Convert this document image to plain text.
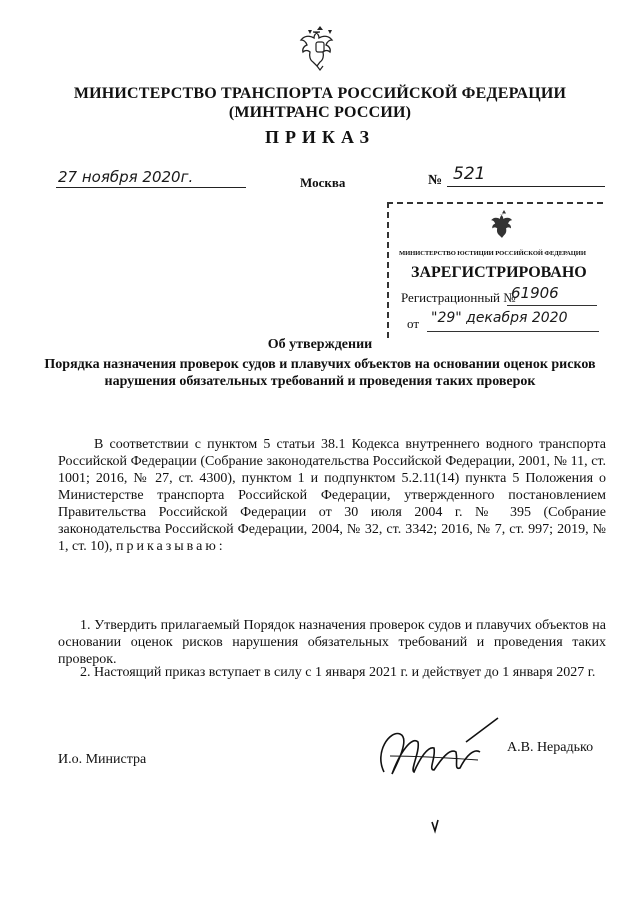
МИНИСТЕРСТВО ТРАНСПОРТА РОССИЙСКОЙ ФЕДЕРАЦИИ
(МИНТРАНС РОССИИ)
ПРИКАЗ
27 ноября 2020г.	Москва	№ 521
МИНИСТЕРСТВО ЮСТИЦИИ РОССИЙСКОЙ ФЕДЕРАЦИИ
ЗАРЕГИСТРИРОВАНО
Регистрационный №
61906
от "29" декабря 2020
Об утверждении
Порядка назначения проверок судов и плавучих объектов на основании оценок рисков нарушения обязательных требований и проведения таких проверок
В соответствии с пунктом 5 статьи 38.1 Кодекса внутреннего водного транспорта Российской Федерации (Собрание законодательства Российской Федерации, 2001, № 11, ст. 1001; 2016, № 27, ст. 4300), пунктом 1 и подпунктом 5.2.11(14) пункта 5 Положения о Министерстве транспорта Российской Федерации, утвержденного постановлением Правительства Российской Федерации от 30 июля 2004 г. № 395 (Собрание законодательства Российской Федерации, 2004, № 32, ст. 3342; 2016, № 7, ст. 997; 2019, № 1, ст. 10), приказываю:
1. Утвердить прилагаемый Порядок назначения проверок судов и плавучих объектов на основании оценок рисков нарушения обязательных требований и проведения таких проверок.
2. Настоящий приказ вступает в силу с 1 января 2021 г. и действует до 1 января 2027 г.
И.о. Министра
А.В. Нерадько
